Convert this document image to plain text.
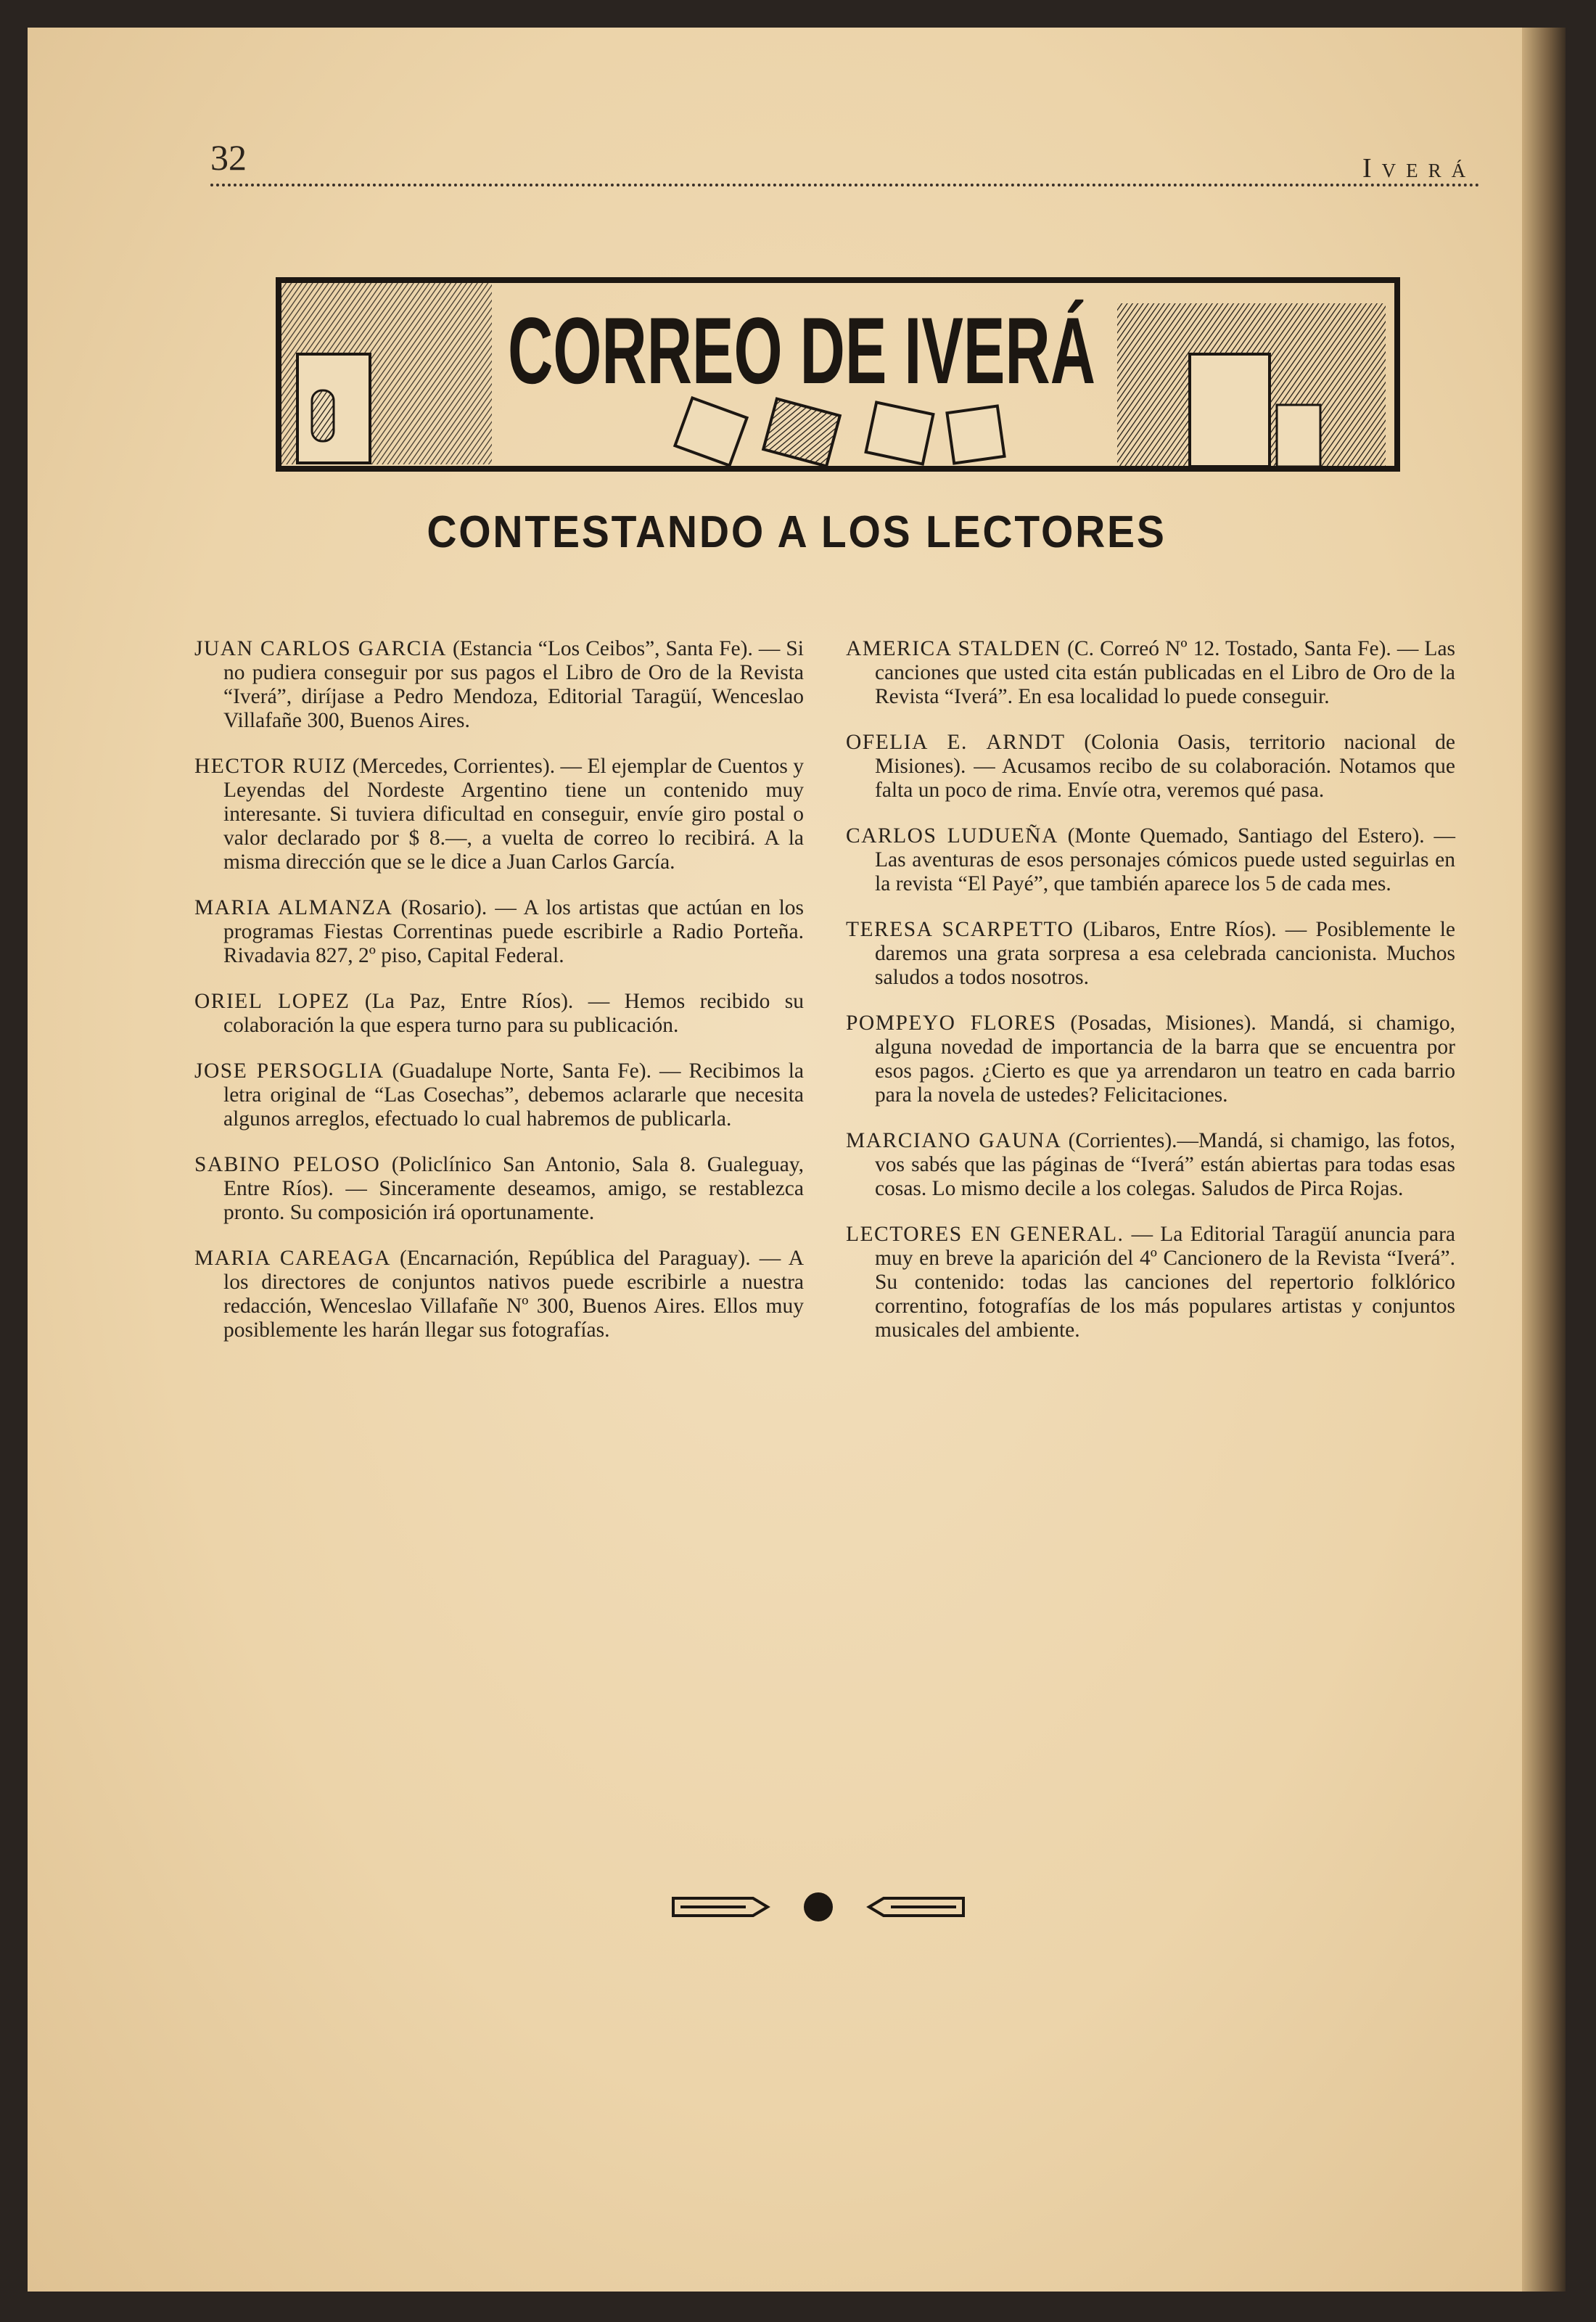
32	Iverá
CORREO DE IVERÁ
CONTESTANDO A LOS LECTORES

JUAN CARLOS GARCIA (Estancia “Los Ceibos”, Santa Fe). — Si no pudiera conseguir por sus pagos el Libro de Oro de la Revista “Iverá”, diríjase a Pedro Mendoza, Editorial Taragüí, Wenceslao Villafañe 300, Buenos Aires.

HECTOR RUIZ (Mercedes, Corrientes). — El ejemplar de Cuentos y Leyendas del Nordeste Argentino tiene un contenido muy interesante. Si tuviera dificultad en conseguir, envíe giro postal o valor declarado por $ 8.—, a vuelta de correo lo recibirá. A la misma dirección que se le dice a Juan Carlos García.

MARIA ALMANZA (Rosario). — A los artistas que actúan en los programas Fiestas Correntinas puede escribirle a Radio Porteña. Rivadavia 827, 2º piso, Capital Federal.

ORIEL LOPEZ (La Paz, Entre Ríos). — Hemos recibido su colaboración la que espera turno para su publicación.

JOSE PERSOGLIA (Guadalupe Norte, Santa Fe). — Recibimos la letra original de “Las Cosechas”, debemos aclararle que necesita algunos arreglos, efectuado lo cual habremos de publicarla.

SABINO PELOSO (Policlínico San Antonio, Sala 8. Gualeguay, Entre Ríos). — Sinceramente deseamos, amigo, se restablezca pronto. Su composición irá oportunamente.

MARIA CAREAGA (Encarnación, República del Paraguay). — A los directores de conjuntos nativos puede escribirle a nuestra redacción, Wenceslao Villafañe Nº 300, Buenos Aires. Ellos muy posiblemente les harán llegar sus fotografías.

AMERICA STALDEN (C. Correó Nº 12. Tostado, Santa Fe). — Las canciones que usted cita están publicadas en el Libro de Oro de la Revista “Iverá”. En esa localidad lo puede conseguir.

OFELIA E. ARNDT (Colonia Oasis, territorio nacional de Misiones). — Acusamos recibo de su colaboración. Notamos que falta un poco de rima. Envíe otra, veremos qué pasa.

CARLOS LUDUEÑA (Monte Quemado, Santiago del Estero). — Las aventuras de esos personajes cómicos puede usted seguirlas en la revista “El Payé”, que también aparece los 5 de cada mes.

TERESA SCARPETTO (Libaros, Entre Ríos). — Posiblemente le daremos una grata sorpresa a esa celebrada cancionista. Muchos saludos a todos nosotros.

POMPEYO FLORES (Posadas, Misiones). Mandá, si chamigo, alguna novedad de importancia de la barra que se encuentra por esos pagos. ¿Cierto es que ya arrendaron un teatro en cada barrio para la novela de ustedes? Felicitaciones.

MARCIANO GAUNA (Corrientes).—Mandá, si chamigo, las fotos, vos sabés que las páginas de “Iverá” están abiertas para todas esas cosas. Lo mismo decile a los colegas. Saludos de Pirca Rojas.

LECTORES EN GENERAL. — La Editorial Taragüí anuncia para muy en breve la aparición del 4º Cancionero de la Revista “Iverá”. Su contenido: todas las canciones del repertorio folklórico correntino, fotografías de los más populares artistas y conjuntos musicales del ambiente.
